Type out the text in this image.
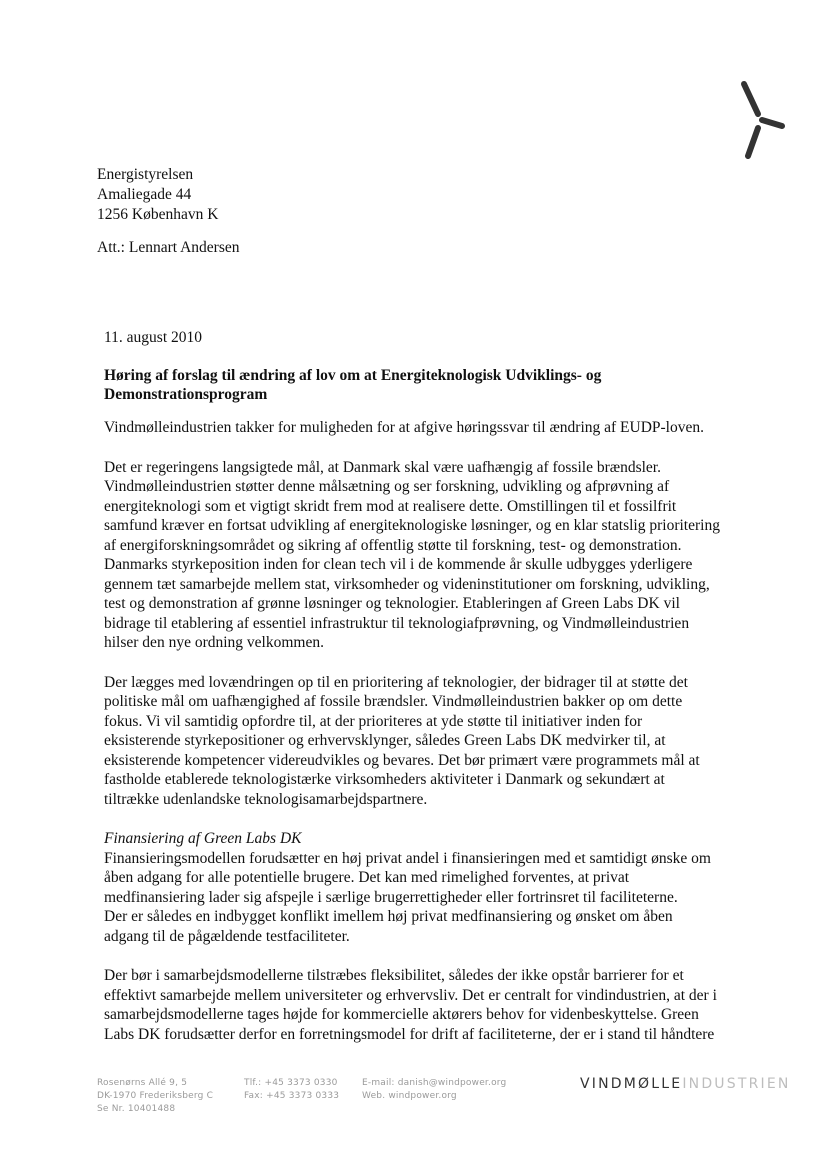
Energistyrelsen
Amaliegade 44
1256 København K
Att.: Lennart Andersen
11. august 2010
Høring af forslag til ændring af lov om at Energiteknologisk Udviklings- og Demonstrationsprogram

Vindmølleindustrien takker for muligheden for at afgive høringssvar til ændring af EUDP-loven.

Det er regeringens langsigtede mål, at Danmark skal være uafhængig af fossile brændsler. Vindmølleindustrien støtter denne målsætning og ser forskning, udvikling og afprøvning af energiteknologi som et vigtigt skridt frem mod at realisere dette. Omstillingen til et fossilfrit samfund kræver en fortsat udvikling af energiteknologiske løsninger, og en klar statslig prioritering af energiforskningsområdet og sikring af offentlig støtte til forskning, test- og demonstration. Danmarks styrkeposition inden for clean tech vil i de kommende år skulle udbygges yderligere gennem tæt samarbejde mellem stat, virksomheder og videninstitutioner om forskning, udvikling, test og demonstration af grønne løsninger og teknologier. Etableringen af Green Labs DK vil bidrage til etablering af essentiel infrastruktur til teknologiafprøvning, og Vindmølleindustrien hilser den nye ordning velkommen.

Der lægges med lovændringen op til en prioritering af teknologier, der bidrager til at støtte det politiske mål om uafhængighed af fossile brændsler. Vindmølleindustrien bakker op om dette fokus. Vi vil samtidig opfordre til, at der prioriteres at yde støtte til initiativer inden for eksisterende styrkepositioner og erhvervsklynger, således Green Labs DK medvirker til, at eksisterende kompetencer videreudvikles og bevares. Det bør primært være programmets mål at fastholde etablerede teknologistærke virksomheders aktiviteter i Danmark og sekundært at tiltrække udenlandske teknologisamarbejdspartnere.

Finansiering af Green Labs DK

Finansieringsmodellen forudsætter en høj privat andel i finansieringen med et samtidigt ønske om åben adgang for alle potentielle brugere. Det kan med rimelighed forventes, at privat medfinansiering lader sig afspejle i særlige brugerrettigheder eller fortrinsret til faciliteterne.

Der er således en indbygget konflikt imellem høj privat medfinansiering og ønsket om åben adgang til de pågældende testfaciliteter.

Der bør i samarbejdsmodellerne tilstræbes fleksibilitet, således der ikke opstår barrierer for et effektivt samarbejde mellem universiteter og erhvervsliv. Det er centralt for vindindustrien, at der i samarbejdsmodellerne tages højde for kommercielle aktørers behov for videnbeskyttelse. Green Labs DK forudsætter derfor en forretningsmodel for drift af faciliteterne, der er i stand til håndtere

Rosenørns Allé 9, 5
DK-1970 Frederiksberg C
Se Nr. 10401488
Tlf.: +45 3373 0330
Fax: +45 3373 0333
E-mail: danish@windpower.org
Web. windpower.org
VINDMØLLEINDUSTRIEN
